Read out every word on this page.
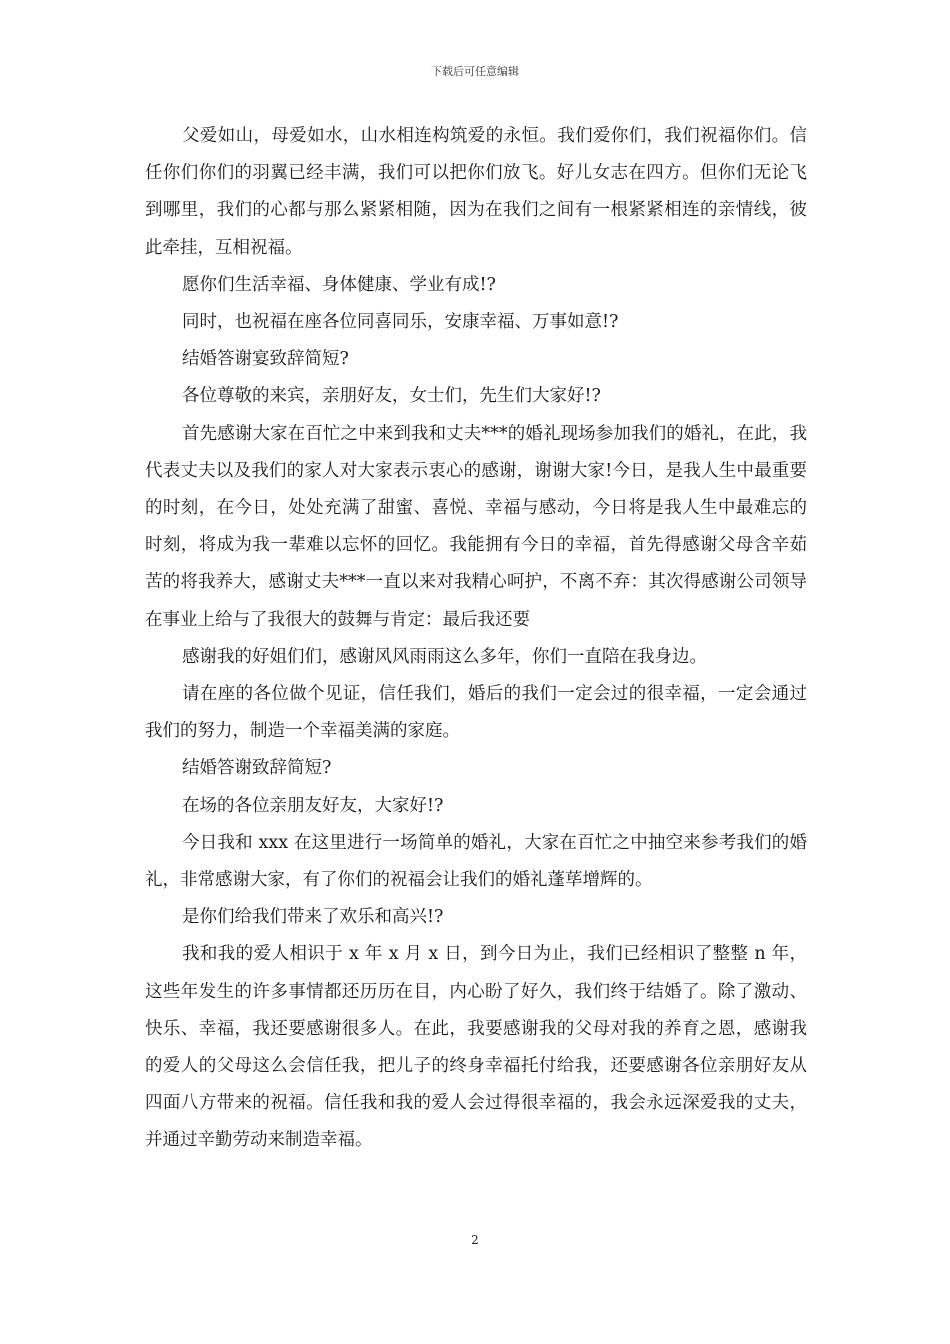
下载后可任意编辑

父爱如山，母爱如水，山水相连构筑爱的永恒。我们爱你们，我们祝福你们。信任你们你们的羽翼已经丰满，我们可以把你们放飞。好儿女志在四方。但你们无论飞到哪里，我们的心都与那么紧紧相随，因为在我们之间有一根紧紧相连的亲情线，彼此牵挂，互相祝福。

愿你们生活幸福、身体健康、学业有成!?

同时，也祝福在座各位同喜同乐，安康幸福、万事如意!?

结婚答谢宴致辞简短?

各位尊敬的来宾，亲朋好友，女士们，先生们大家好!?

首先感谢大家在百忙之中来到我和丈夫***的婚礼现场参加我们的婚礼，在此，我代表丈夫以及我们的家人对大家表示衷心的感谢，谢谢大家!今日，是我人生中最重要的时刻，在今日，处处充满了甜蜜、喜悦、幸福与感动，今日将是我人生中最难忘的时刻，将成为我一辈难以忘怀的回忆。我能拥有今日的幸福，首先得感谢父母含辛茹苦的将我养大，感谢丈夫***一直以来对我精心呵护，不离不弃：其次得感谢公司领导在事业上给与了我很大的鼓舞与肯定：最后我还要

感谢我的好姐们们，感谢风风雨雨这么多年，你们一直陪在我身边。

请在座的各位做个见证，信任我们，婚后的我们一定会过的很幸福，一定会通过我们的努力，制造一个幸福美满的家庭。

结婚答谢致辞简短?

在场的各位亲朋友好友，大家好!?

今日我和 xxx 在这里进行一场简单的婚礼，大家在百忙之中抽空来参考我们的婚礼，非常感谢大家，有了你们的祝福会让我们的婚礼蓬荜增辉的。

是你们给我们带来了欢乐和高兴!?

我和我的爱人相识于 x 年 x 月 x 日，到今日为止，我们已经相识了整整 n 年，这些年发生的许多事情都还历历在目，内心盼了好久，我们终于结婚了。除了激动、快乐、幸福，我还要感谢很多人。在此，我要感谢我的父母对我的养育之恩，感谢我的爱人的父母这么会信任我，把儿子的终身幸福托付给我，还要感谢各位亲朋好友从四面八方带来的祝福。信任我和我的爱人会过得很幸福的，我会永远深爱我的丈夫，并通过辛勤劳动来制造幸福。

2
